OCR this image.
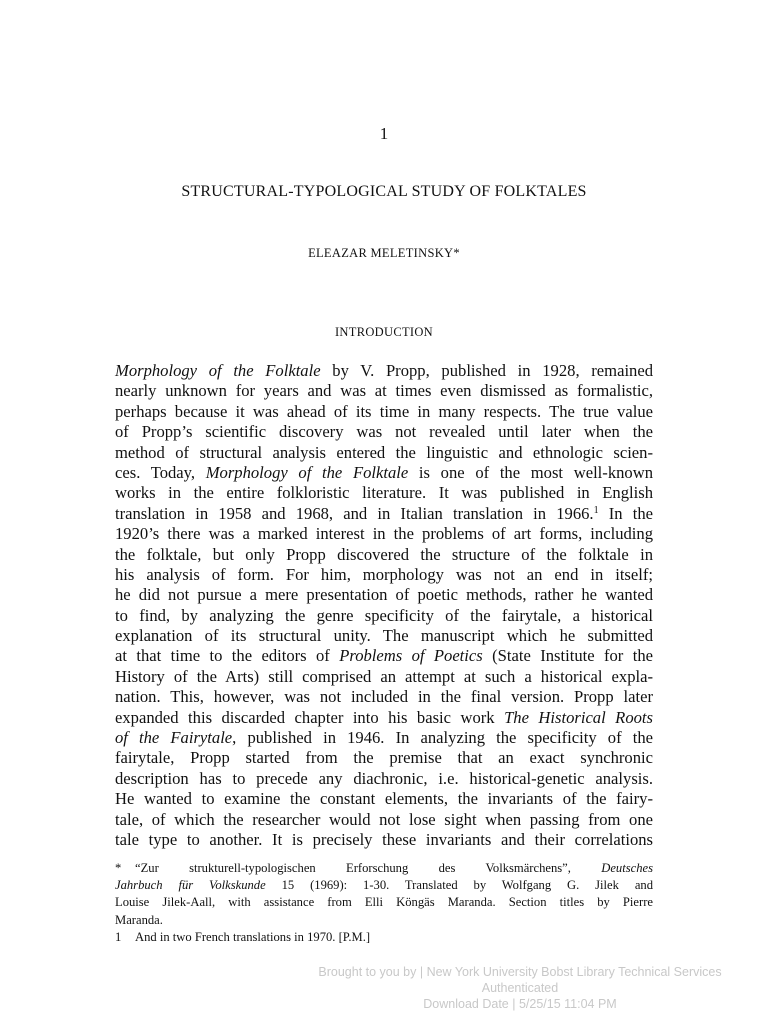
1
STRUCTURAL-TYPOLOGICAL STUDY OF FOLKTALES
ELEAZAR MELETINSKY*
INTRODUCTION
Morphology of the Folktale by V. Propp, published in 1928, remained
nearly unknown for years and was at times even dismissed as formalistic,
perhaps because it was ahead of its time in many respects. The true value
of Propp’s scientific discovery was not revealed until later when the
method of structural analysis entered the linguistic and ethnologic scien-
ces. Today, Morphology of the Folktale is one of the most well-known
works in the entire folkloristic literature. It was published in English
translation in 1958 and 1968, and in Italian translation in 1966.$^1$ In the
1920’s there was a marked interest in the problems of art forms, including
the folktale, but only Propp discovered the structure of the folktale in
his analysis of form. For him, morphology was not an end in itself;
he did not pursue a mere presentation of poetic methods, rather he wanted
to find, by analyzing the genre specificity of the fairytale, a historical
explanation of its structural unity. The manuscript which he submitted
at that time to the editors of Problems of Poetics (State Institute for the
History of the Arts) still comprised an attempt at such a historical expla-
nation. This, however, was not included in the final version. Propp later
expanded this discarded chapter into his basic work The Historical Roots
of the Fairytale, published in 1946. In analyzing the specificity of the
fairytale, Propp started from the premise that an exact synchronic
description has to precede any diachronic, i.e. historical-genetic analysis.
He wanted to examine the constant elements, the invariants of the fairy-
tale, of which the researcher would not lose sight when passing from one
tale type to another. It is precisely these invariants and their correlations
* “Zur strukturell-typologischen Erforschung des Volksmärchens”, Deutsches
Jahrbuch für Volkskunde 15 (1969): 1-30. Translated by Wolfgang G. Jilek and
Louise Jilek-Aall, with assistance from Elli Köngäs Maranda. Section titles by Pierre
Maranda.
1 And in two French translations in 1970. [P.M.]
Brought to you by | New York University Bobst Library Technical Services
Authenticated
Download Date | 5/25/15 11:04 PM
